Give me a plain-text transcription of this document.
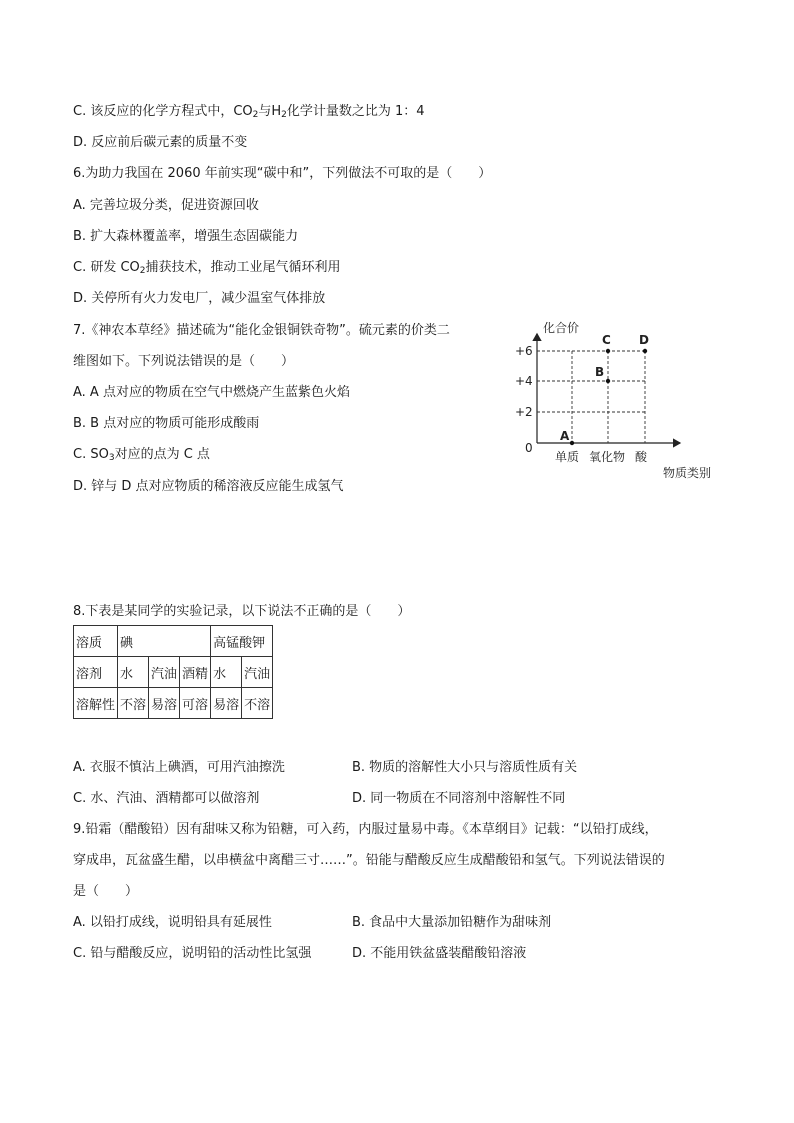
C. 该反应的化学方程式中，$CO_2$与$H_2$化学计量数之比为 1：4
D. 反应前后碳元素的质量不变
6.为助力我国在 2060 年前实现“碳中和”，下列做法不可取的是（　　）
A. 完善垃圾分类，促进资源回收
B. 扩大森林覆盖率，增强生态固碳能力
C. 研发 $CO_2$捕获技术，推动工业尾气循环利用
D. 关停所有火力发电厂，减少温室气体排放
7.《神农本草经》描述硫为“能化金银铜铁奇物”。硫元素的价类二
维图如下。下列说法错误的是（　　）
A. A 点对应的物质在空气中燃烧产生蓝紫色火焰
B. B 点对应的物质可能形成酸雨
C. $SO_3$对应的点为 C 点
D. 锌与 D 点对应物质的稀溶液反应能生成氢气
化合价
+6
+4
+2
0
单质 氧化物 酸
物质类别
A
B
C D
8.下表是某同学的实验记录，以下说法不正确的是（　　）
溶质	碘			高锰酸钾	
溶剂	水	汽油	酒精	水	汽油
溶解性	不溶	易溶	可溶	易溶	不溶
A. 衣服不慎沾上碘酒，可用汽油擦洗	B. 物质的溶解性大小只与溶质性质有关
C. 水、汽油、酒精都可以做溶剂	D. 同一物质在不同溶剂中溶解性不同
9.铅霜（醋酸铅）因有甜味又称为铅糖，可入药，内服过量易中毒。《本草纲目》记载：“以铅打成线，
穿成串，瓦盆盛生醋，以串横盆中离醋三寸……”。铅能与醋酸反应生成醋酸铅和氢气。下列说法错误的
是（　　）
A. 以铅打成线，说明铅具有延展性	B. 食品中大量添加铅糖作为甜味剂
C. 铅与醋酸反应，说明铅的活动性比氢强	D. 不能用铁盆盛装醋酸铅溶液
